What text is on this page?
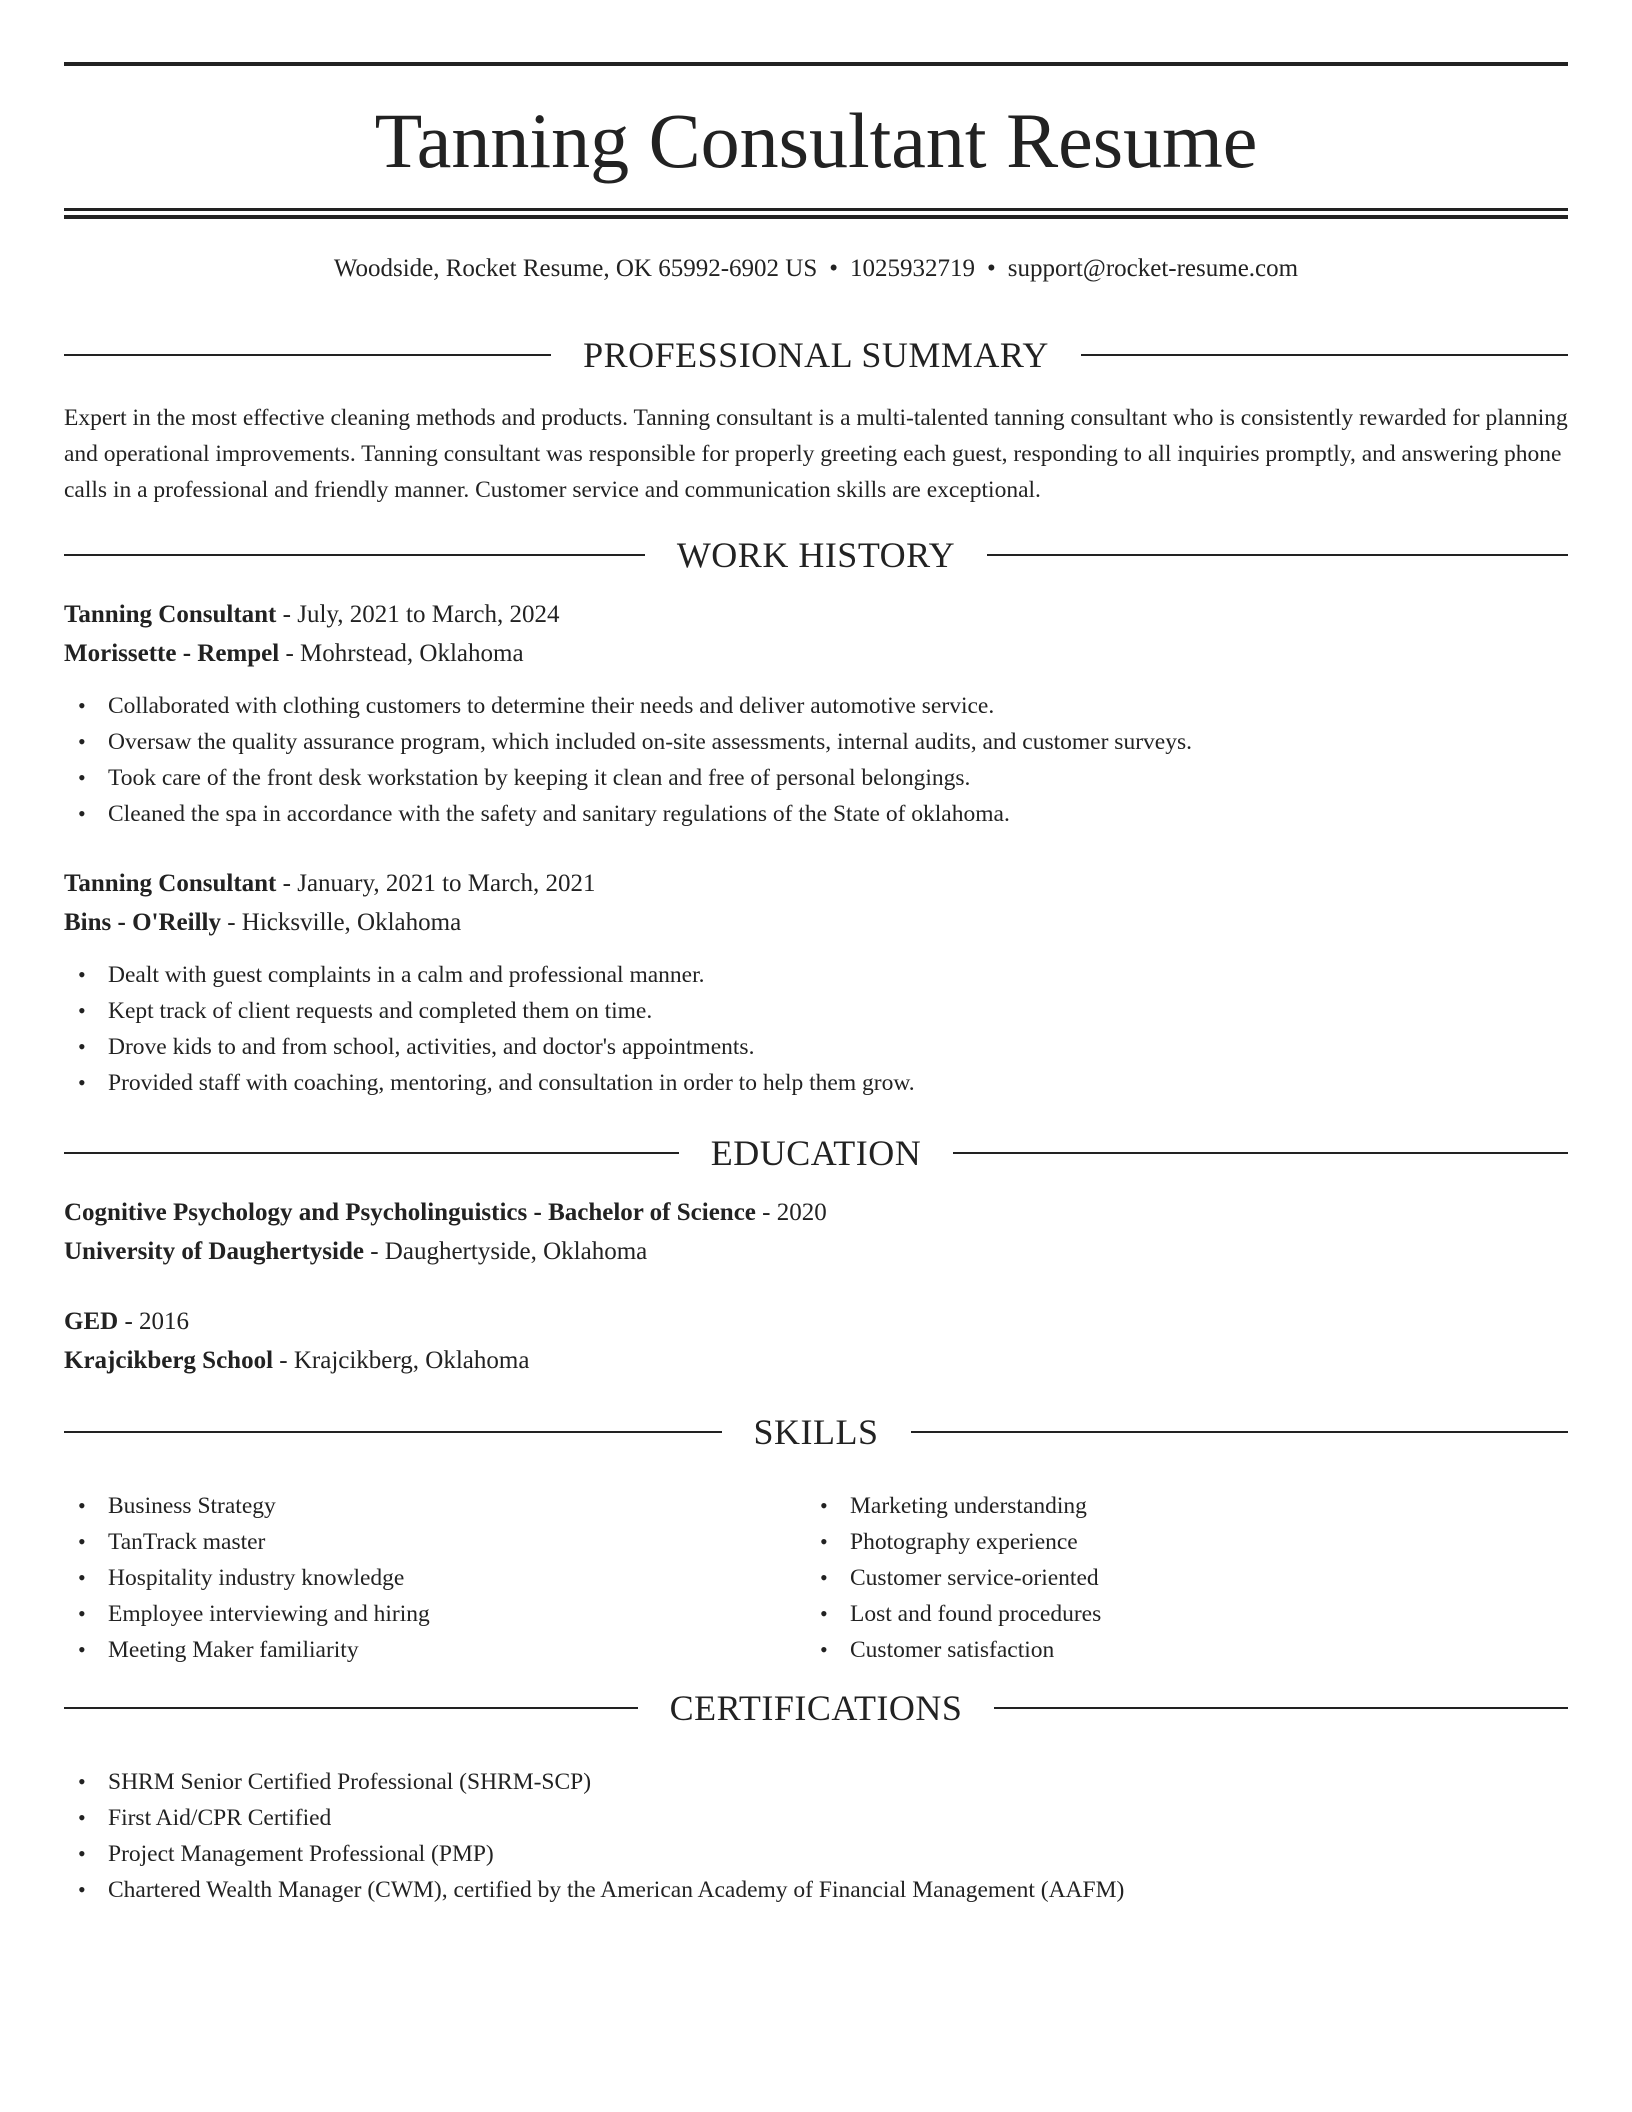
Tanning Consultant Resume
Woodside, Rocket Resume, OK 65992-6902 US • 1025932719 • support@rocket-resume.com
PROFESSIONAL SUMMARY
Expert in the most effective cleaning methods and products. Tanning consultant is a multi-talented tanning consultant who is consistently rewarded for planning and operational improvements. Tanning consultant was responsible for properly greeting each guest, responding to all inquiries promptly, and answering phone calls in a professional and friendly manner. Customer service and communication skills are exceptional.
WORK HISTORY
Tanning Consultant - July, 2021 to March, 2024
Morissette - Rempel - Mohrstead, Oklahoma
• Collaborated with clothing customers to determine their needs and deliver automotive service.
• Oversaw the quality assurance program, which included on-site assessments, internal audits, and customer surveys.
• Took care of the front desk workstation by keeping it clean and free of personal belongings.
• Cleaned the spa in accordance with the safety and sanitary regulations of the State of oklahoma.
Tanning Consultant - January, 2021 to March, 2021
Bins - O'Reilly - Hicksville, Oklahoma
• Dealt with guest complaints in a calm and professional manner.
• Kept track of client requests and completed them on time.
• Drove kids to and from school, activities, and doctor's appointments.
• Provided staff with coaching, mentoring, and consultation in order to help them grow.
EDUCATION
Cognitive Psychology and Psycholinguistics - Bachelor of Science - 2020
University of Daughertyside - Daughertyside, Oklahoma
GED - 2016
Krajcikberg School - Krajcikberg, Oklahoma
SKILLS
• Business Strategy
• TanTrack master
• Hospitality industry knowledge
• Employee interviewing and hiring
• Meeting Maker familiarity
• Marketing understanding
• Photography experience
• Customer service-oriented
• Lost and found procedures
• Customer satisfaction
CERTIFICATIONS
• SHRM Senior Certified Professional (SHRM-SCP)
• First Aid/CPR Certified
• Project Management Professional (PMP)
• Chartered Wealth Manager (CWM), certified by the American Academy of Financial Management (AAFM)
